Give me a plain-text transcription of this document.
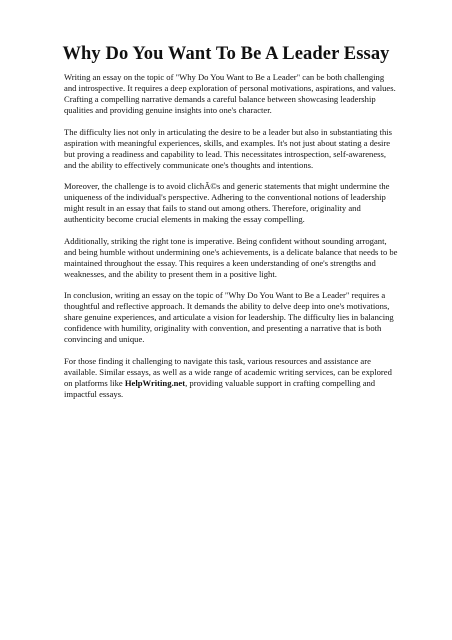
Why Do You Want To Be A Leader Essay

Writing an essay on the topic of "Why Do You Want to Be a Leader" can be both challenging
and introspective. It requires a deep exploration of personal motivations, aspirations, and values.
Crafting a compelling narrative demands a careful balance between showcasing leadership
qualities and providing genuine insights into one's character.

The difficulty lies not only in articulating the desire to be a leader but also in substantiating this
aspiration with meaningful experiences, skills, and examples. It's not just about stating a desire
but proving a readiness and capability to lead. This necessitates introspection, self-awareness,
and the ability to effectively communicate one's thoughts and intentions.

Moreover, the challenge is to avoid clichÃ©s and generic statements that might undermine the
uniqueness of the individual's perspective. Adhering to the conventional notions of leadership
might result in an essay that fails to stand out among others. Therefore, originality and
authenticity become crucial elements in making the essay compelling.

Additionally, striking the right tone is imperative. Being confident without sounding arrogant,
and being humble without undermining one's achievements, is a delicate balance that needs to be
maintained throughout the essay. This requires a keen understanding of one's strengths and
weaknesses, and the ability to present them in a positive light.

In conclusion, writing an essay on the topic of "Why Do You Want to Be a Leader" requires a
thoughtful and reflective approach. It demands the ability to delve deep into one's motivations,
share genuine experiences, and articulate a vision for leadership. The difficulty lies in balancing
confidence with humility, originality with convention, and presenting a narrative that is both
convincing and unique.

For those finding it challenging to navigate this task, various resources and assistance are
available. Similar essays, as well as a wide range of academic writing services, can be explored
on platforms like HelpWriting.net, providing valuable support in crafting compelling and
impactful essays.
